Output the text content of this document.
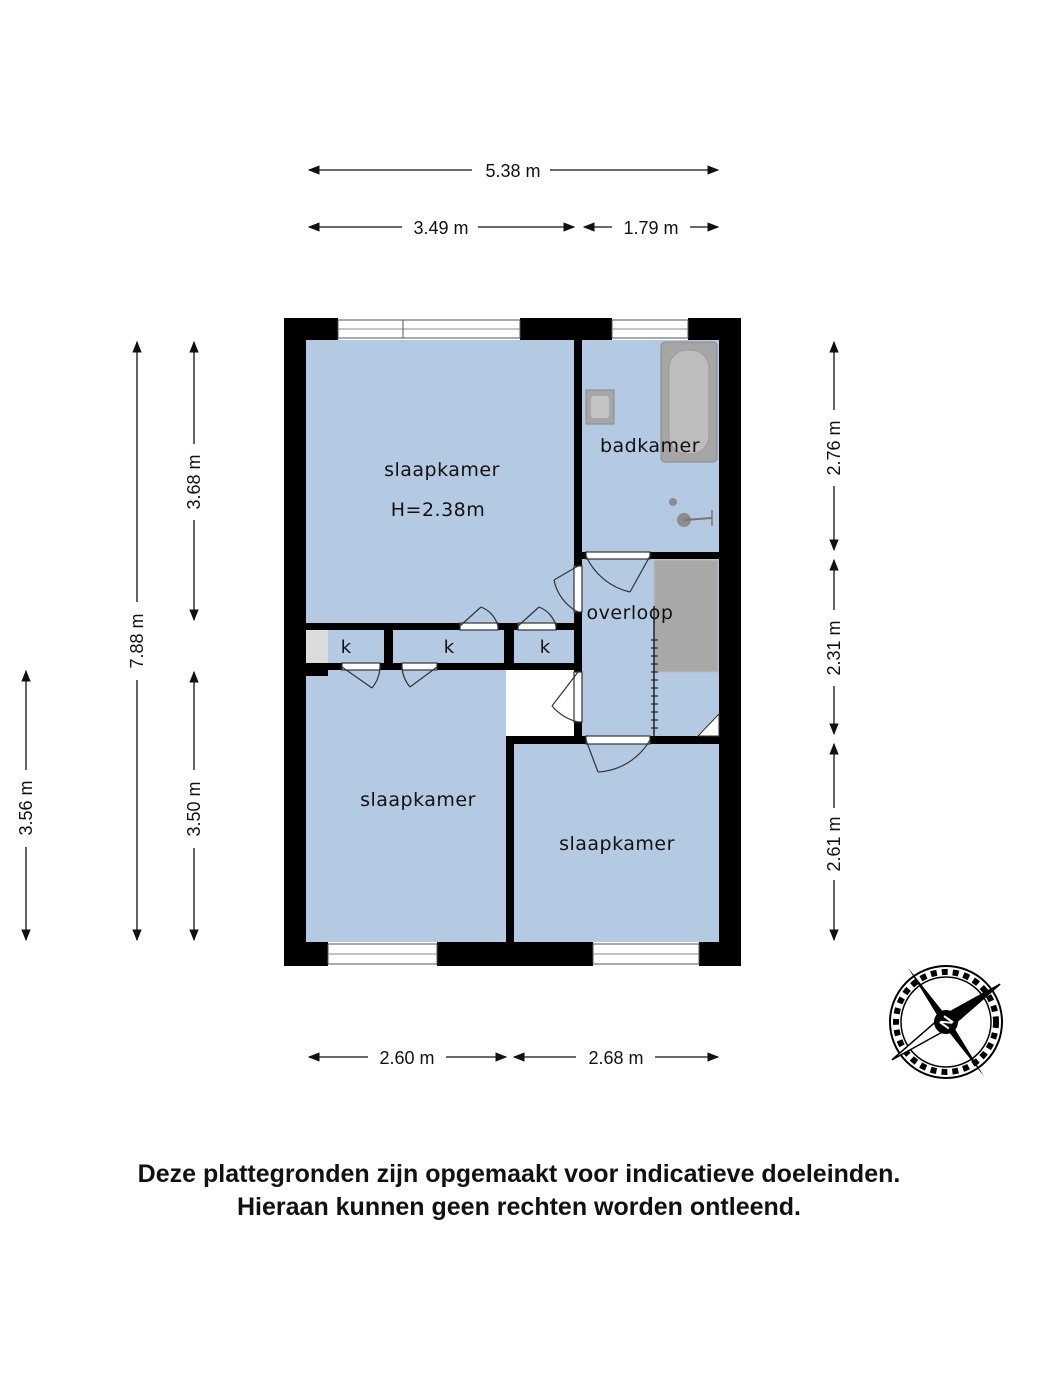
slaapkamer
H=2.38m
badkamer
overloop
k	k	k
slaapkamer
slaapkamer
5.38 m
3.49 m	1.79 m
2.60 m	2.68 m
3.56 m
7.88 m
3.68 m
3.50 m
2.76 m
2.31 m
2.61 m
N
Deze plattegronden zijn opgemaakt voor indicatieve doeleinden.
Hieraan kunnen geen rechten worden ontleend.
